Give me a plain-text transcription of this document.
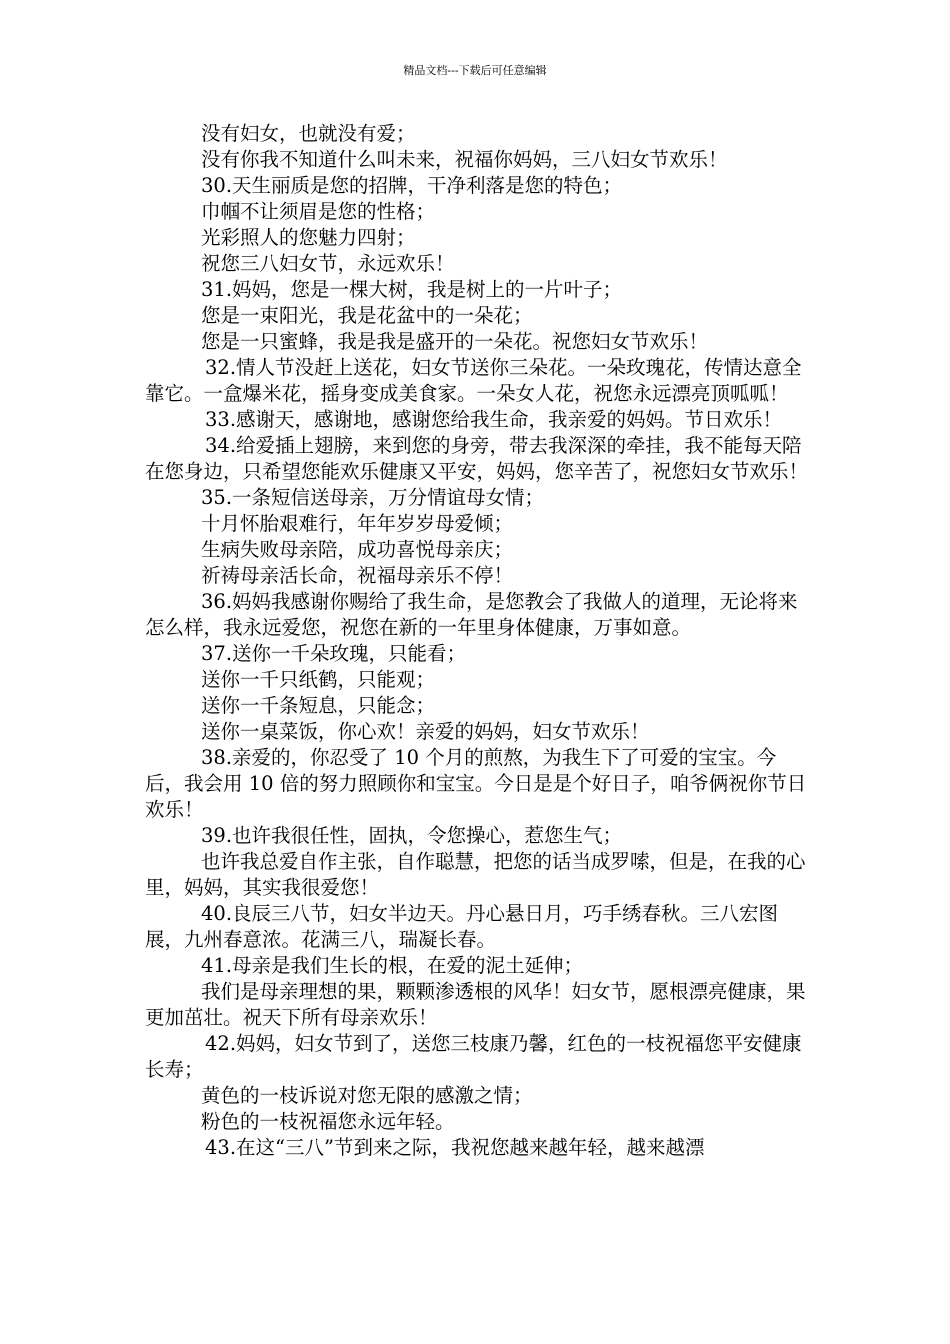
精品文档---下载后可任意编辑

没有妇女，也就没有爱；

没有你我不知道什么叫未来，祝福你妈妈，三八妇女节欢乐！

30.天生丽质是您的招牌，干净利落是您的特色；

巾帼不让须眉是您的性格；

光彩照人的您魅力四射；

祝您三八妇女节，永远欢乐！

31.妈妈，您是一棵大树，我是树上的一片叶子；

您是一束阳光，我是花盆中的一朵花；

您是一只蜜蜂，我是我是盛开的一朵花。祝您妇女节欢乐！

32.情人节没赶上送花，妇女节送你三朵花。一朵玫瑰花，传情达意全靠它。一盒爆米花，摇身变成美食家。一朵女人花，祝您永远漂亮顶呱呱！

33.感谢天，感谢地，感谢您给我生命，我亲爱的妈妈。节日欢乐！

34.给爱插上翅膀，来到您的身旁，带去我深深的牵挂，我不能每天陪在您身边，只希望您能欢乐健康又平安，妈妈，您辛苦了，祝您妇女节欢乐！

35.一条短信送母亲，万分情谊母女情；

十月怀胎艰难行，年年岁岁母爱倾；

生病失败母亲陪，成功喜悦母亲庆；

祈祷母亲活长命，祝福母亲乐不停！

36.妈妈我感谢你赐给了我生命，是您教会了我做人的道理，无论将来怎么样，我永远爱您，祝您在新的一年里身体健康，万事如意。

37.送你一千朵玫瑰，只能看；

送你一千只纸鹤，只能观；

送你一千条短息，只能念；

送你一桌菜饭，你心欢！亲爱的妈妈，妇女节欢乐！

38.亲爱的，你忍受了 10 个月的煎熬，为我生下了可爱的宝宝。今后，我会用 10 倍的努力照顾你和宝宝。今日是是个好日子，咱爷俩祝你节日欢乐！

39.也许我很任性，固执，令您操心，惹您生气；

也许我总爱自作主张，自作聪慧，把您的话当成罗嗦，但是，在我的心里，妈妈，其实我很爱您！

40.良辰三八节，妇女半边天。丹心悬日月，巧手绣春秋。三八宏图展，九州春意浓。花满三八，瑞凝长春。

41.母亲是我们生长的根，在爱的泥土延伸；

我们是母亲理想的果，颗颗渗透根的风华！妇女节，愿根漂亮健康，果更加茁壮。祝天下所有母亲欢乐！

42.妈妈，妇女节到了，送您三枝康乃馨，红色的一枝祝福您平安健康长寿；

黄色的一枝诉说对您无限的感激之情；

粉色的一枝祝福您永远年轻。

43.在这“三八”节到来之际，我祝您越来越年轻，越来越漂
